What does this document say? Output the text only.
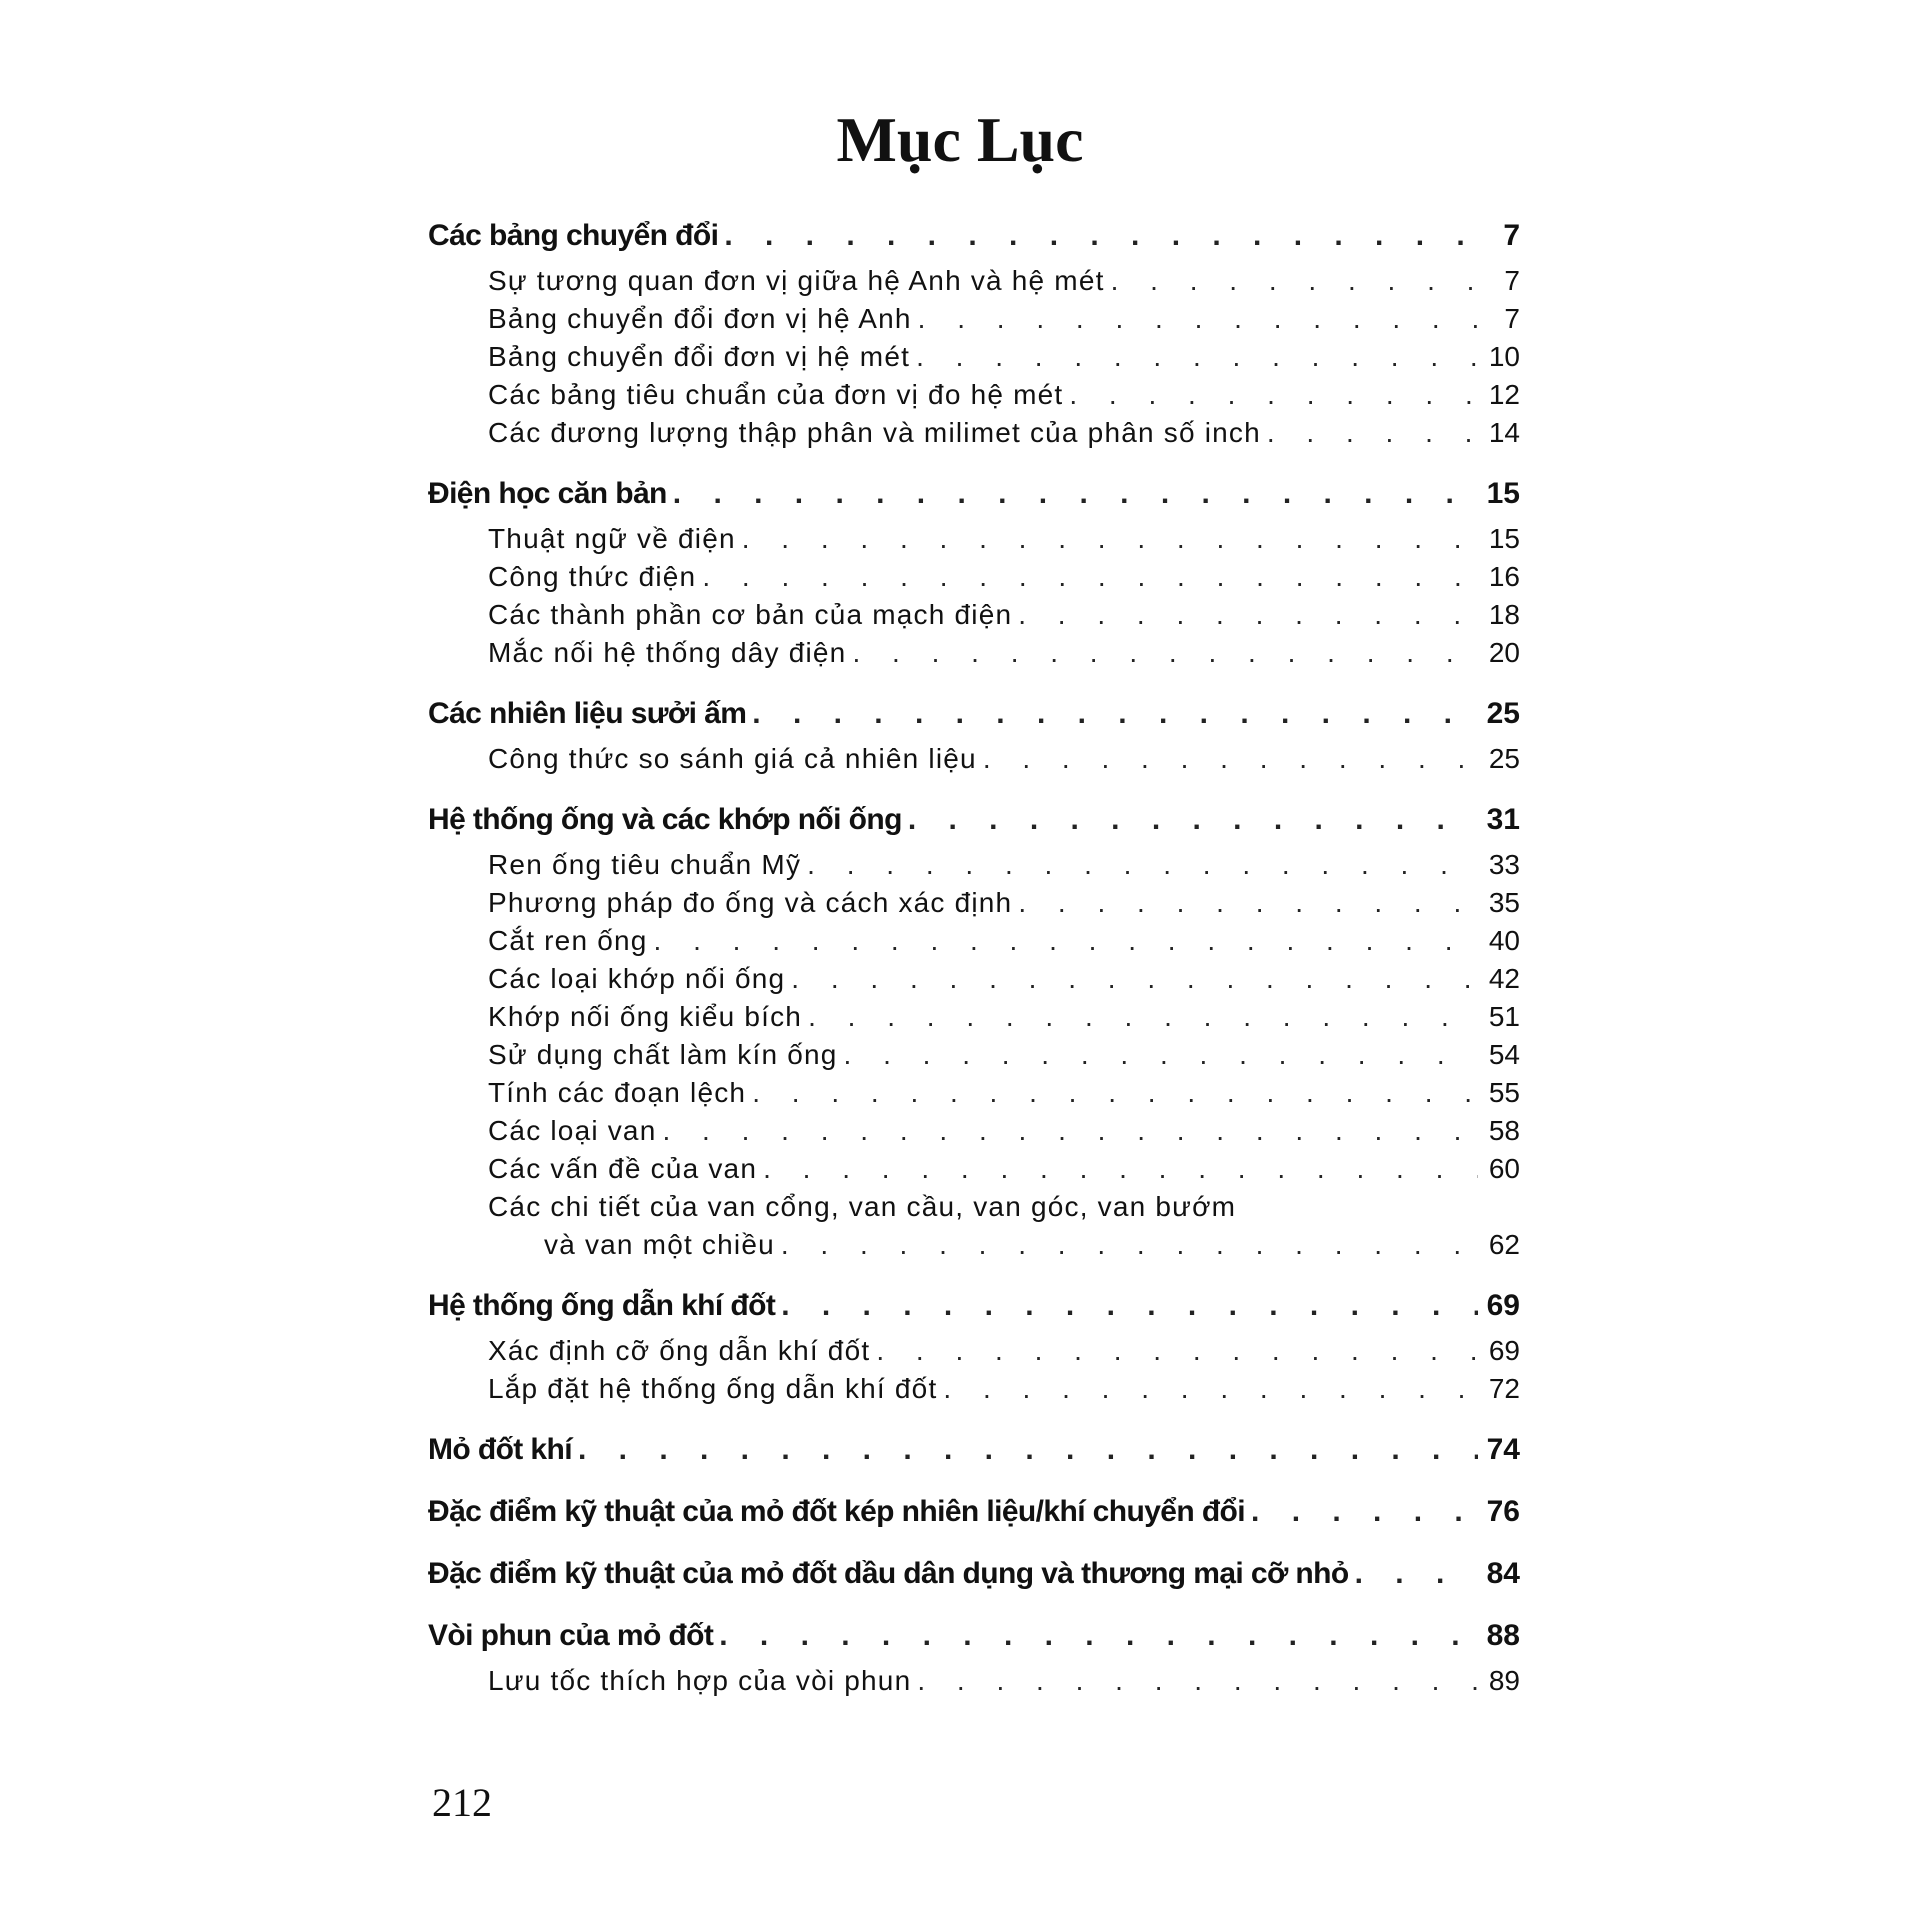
Mục Lục
Các bảng chuyển đổi . . .	7
Sự tương quan đơn vị giữa hệ Anh và hệ mét . . .	7
Bảng chuyển đổi đơn vị hệ Anh . . .	7
Bảng chuyển đổi đơn vị hệ mét . . .	10
Các bảng tiêu chuẩn của đơn vị đo hệ mét . . .	12
Các đương lượng thập phân và milimet của phân số inch . . .	14
Điện học căn bản . . .	15
Thuật ngữ về điện . . .	15
Công thức điện . . .	16
Các thành phần cơ bản của mạch điện . . .	18
Mắc nối hệ thống dây điện . . .	20
Các nhiên liệu sưởi ấm . . .	25
Công thức so sánh giá cả nhiên liệu . . .	25
Hệ thống ống và các khớp nối ống . . .	31
Ren ống tiêu chuẩn Mỹ . . .	33
Phương pháp đo ống và cách xác định . . .	35
Cắt ren ống . . .	40
Các loại khớp nối ống . . .	42
Khớp nối ống kiểu bích . . .	51
Sử dụng chất làm kín ống . . .	54
Tính các đoạn lệch . . .	55
Các loại van . . .	58
Các vấn đề của van . . .	60
Các chi tiết của van cổng, van cầu, van góc, van bướm
và van một chiều . . .	62
Hệ thống ống dẫn khí đốt . . .	69
Xác định cỡ ống dẫn khí đốt . . .	69
Lắp đặt hệ thống ống dẫn khí đốt . . .	72
Mỏ đốt khí . . .	74
Đặc điểm kỹ thuật của mỏ đốt kép nhiên liệu/khí chuyển đổi . . .	76
Đặc điểm kỹ thuật của mỏ đốt dầu dân dụng và thương mại cỡ nhỏ . . .	84
Vòi phun của mỏ đốt . . .	88
Lưu tốc thích hợp của vòi phun . . .	89
212
